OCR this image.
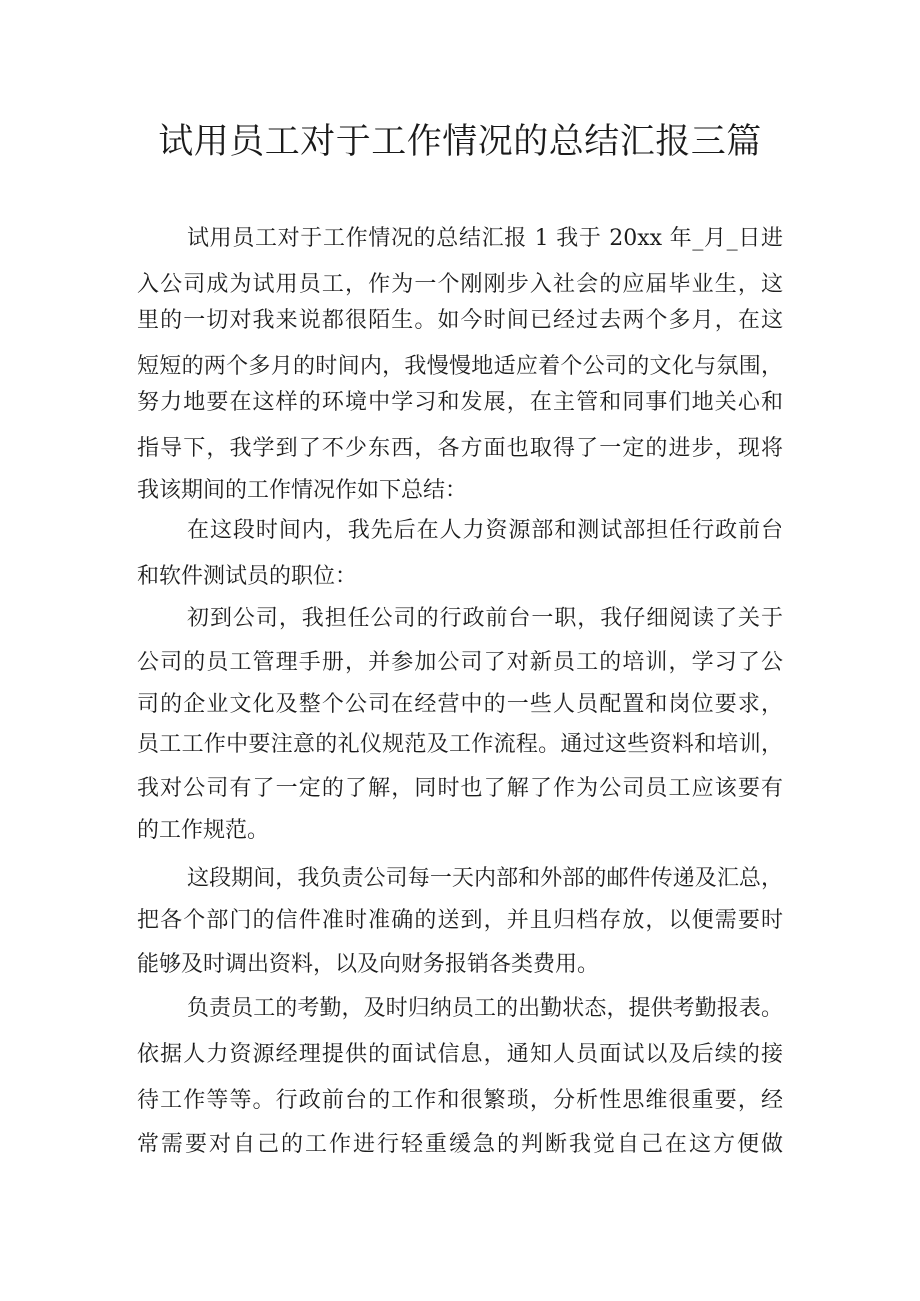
试用员工对于工作情况的总结汇报三篇
试用员工对于工作情况的总结汇报 1 我于 20xx 年_月_日进
入公司成为试用员工，作为一个刚刚步入社会的应届毕业生，这
里的一切对我来说都很陌生。如今时间已经过去两个多月，在这
短短的两个多月的时间内，我慢慢地适应着个公司的文化与氛围，
努力地要在这样的环境中学习和发展，在主管和同事们地关心和
指导下，我学到了不少东西，各方面也取得了一定的进步，现将
我该期间的工作情况作如下总结：
在这段时间内，我先后在人力资源部和测试部担任行政前台
和软件测试员的职位：
初到公司，我担任公司的行政前台一职，我仔细阅读了关于
公司的员工管理手册，并参加公司了对新员工的培训，学习了公
司的企业文化及整个公司在经营中的一些人员配置和岗位要求，
员工工作中要注意的礼仪规范及工作流程。通过这些资料和培训，
我对公司有了一定的了解，同时也了解了作为公司员工应该要有
的工作规范。
这段期间，我负责公司每一天内部和外部的邮件传递及汇总，
把各个部门的信件准时准确的送到，并且归档存放，以便需要时
能够及时调出资料，以及向财务报销各类费用。
负责员工的考勤，及时归纳员工的出勤状态，提供考勤报表。
依据人力资源经理提供的面试信息，通知人员面试以及后续的接
待工作等等。行政前台的工作和很繁琐，分析性思维很重要，经
常需要对自己的工作进行轻重缓急的判断我觉自己在这方便做
